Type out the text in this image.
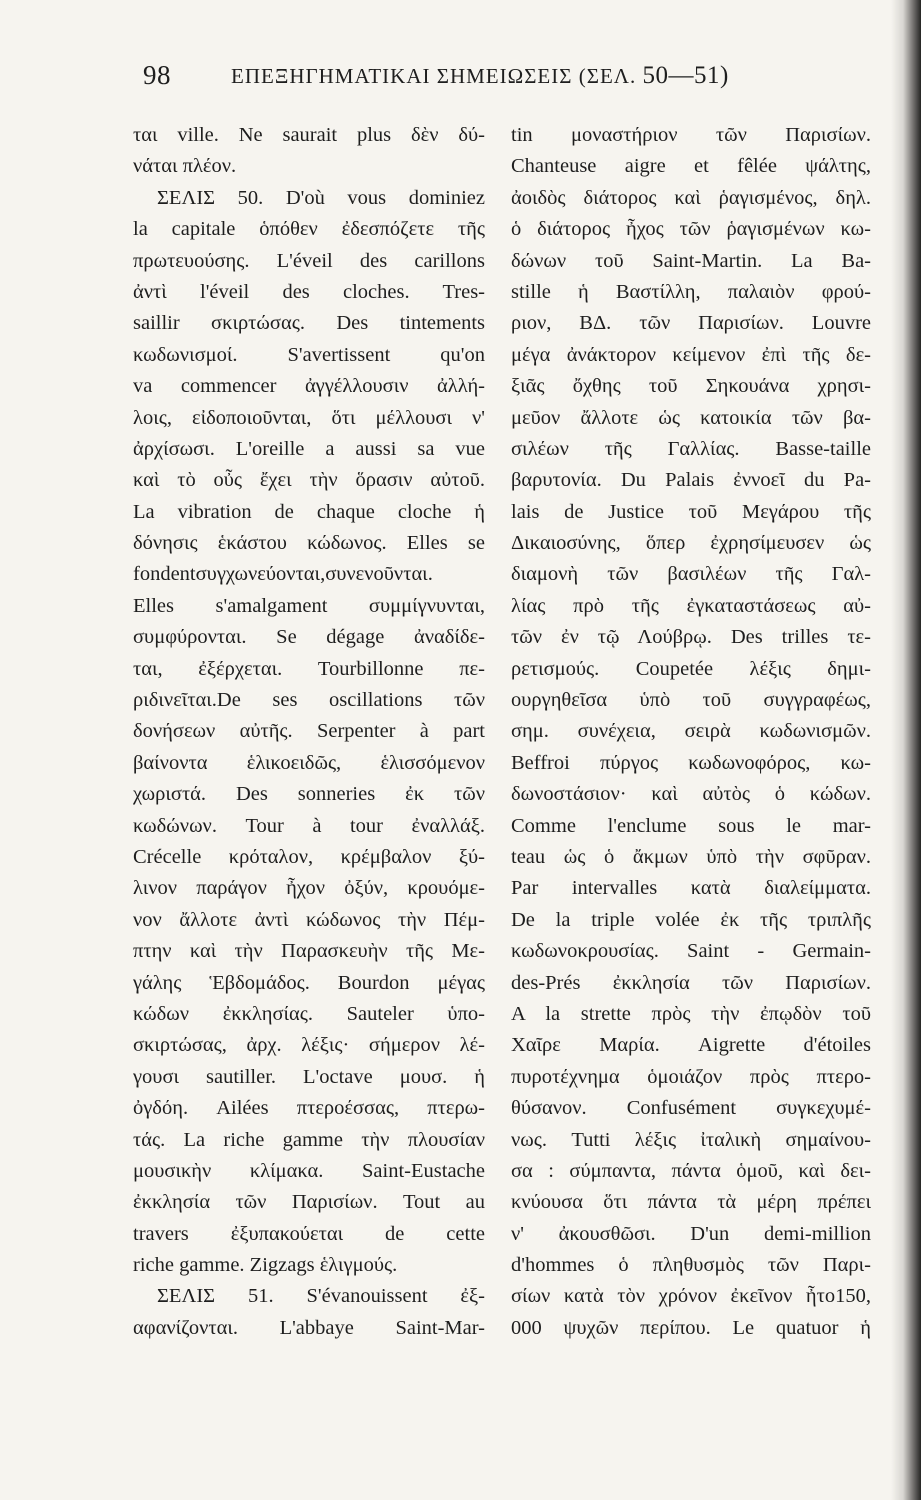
98	ΕΠΕΞΗΓΗΜΑΤΙΚΑΙ ΣΗΜΕΙΩΣΕΙΣ (ΣΕΛ. 50—51)
ται ville. Ne saurait plus δὲν δύ-
νάται πλέον.
ΣΕΛΙΣ 50. D'où vous dominiez
la capitale ὁπόθεν ἐδεσπόζετε τῆς
πρωτευούσης. L'éveil des carillons
ἀντὶ l'éveil des cloches. Tres-
saillir σκιρτώσας. Des tintements
κωδωνισμοί. S'avertissent qu'on
va commencer ἀγγέλλουσιν ἀλλή-
λοις, εἰδοποιοῦνται, ὅτι μέλλουσι ν'
ἀρχίσωσι. L'oreille a aussi sa vue
καὶ τὸ οὖς ἔχει τὴν ὅρασιν αὐτοῦ.
La vibration de chaque cloche ἡ
δόνησις ἑκάστου κώδωνος. Elles se
fondentσυγχωνεύονται,συνενοῦνται.
Elles s'amalgament συμμίγνυνται,
συμφύρονται. Se dégage ἀναδίδε-
ται, ἐξέρχεται. Tourbillonne πε-
ριδινεῖται.De ses oscillations τῶν
δονήσεων αὐτῆς. Serpenter à part
βαίνοντα ἑλικοειδῶς, ἑλισσόμενον
χωριστά. Des sonneries ἐκ τῶν
κωδώνων. Tour à tour ἐναλλάξ.
Crécelle κρόταλον, κρέμβαλον ξύ-
λινον παράγον ἦχον ὀξύν, κρουόμε-
νον ἄλλοτε ἀντὶ κώδωνος τὴν Πέμ-
πτην καὶ τὴν Παρασκευὴν τῆς Με-
γάλης Ἑβδομάδος. Bourdon μέγας
κώδων ἐκκλησίας. Sauteler ὑπο-
σκιρτώσας, ἀρχ. λέξις· σήμερον λέ-
γουσι sautiller. L'octave μουσ. ἡ
ὀγδόη. Ailées πτεροέσσας, πτερω-
τάς. La riche gamme τὴν πλουσίαν
μουσικὴν κλίμακα. Saint-Eustache
ἐκκλησία τῶν Παρισίων. Tout au
travers ἐξυπακούεται de cette
riche gamme. Zigzags ἑλιγμούς.
ΣΕΛΙΣ 51. S'évanouissent ἐξ-
αφανίζονται. L'abbaye Saint-Mar-
tin μοναστήριον τῶν Παρισίων.
Chanteuse aigre et fêlée ψάλτης,
ἀοιδὸς διάτορος καὶ ῥαγισμένος, δηλ.
ὁ διάτορος ἦχος τῶν ῥαγισμένων κω-
δώνων τοῦ Saint-Martin. La Ba-
stille ἡ Βαστίλλη, παλαιὸν φρού-
ριον, ΒΔ. τῶν Παρισίων. Louvre
μέγα ἀνάκτορον κείμενον ἐπὶ τῆς δε-
ξιᾶς ὄχθης τοῦ Σηκουάνα χρησι-
μεῦον ἄλλοτε ὡς κατοικία τῶν βα-
σιλέων τῆς Γαλλίας. Basse-taille
βαρυτονία. Du Palais ἐννοεῖ du Pa-
lais de Justice τοῦ Μεγάρου τῆς
Δικαιοσύνης, ὅπερ ἐχρησίμευσεν ὡς
διαμονὴ τῶν βασιλέων τῆς Γαλ-
λίας πρὸ τῆς ἐγκαταστάσεως αὐ-
τῶν ἐν τῷ Λούβρῳ. Des trilles τε-
ρετισμούς. Coupetée λέξις δημι-
ουργηθεῖσα ὑπὸ τοῦ συγγραφέως,
σημ. συνέχεια, σειρὰ κωδωνισμῶν.
Beffroi πύργος κωδωνοφόρος, κω-
δωνοστάσιον· καὶ αὐτὸς ὁ κώδων.
Comme l'enclume sous le mar-
teau ὡς ὁ ἄκμων ὑπὸ τὴν σφῦραν.
Par intervalles κατὰ διαλείμματα.
De la triple volée ἐκ τῆς τριπλῆς
κωδωνοκρουσίας. Saint - Germain-
des-Prés ἐκκλησία τῶν Παρισίων.
A la strette πρὸς τὴν ἐπῳδὸν τοῦ
Χαῖρε Μαρία. Aigrette d'étoiles
πυροτέχνημα ὁμοιάζον πρὸς πτερο-
θύσανον. Confusément συγκεχυμέ-
νως. Tutti λέξις ἰταλικὴ σημαίνου-
σα : σύμπαντα, πάντα ὁμοῦ, καὶ δει-
κνύουσα ὅτι πάντα τὰ μέρη πρέπει
ν' ἀκουσθῶσι. D'un demi-million
d'hommes ὁ πληθυσμὸς τῶν Παρι-
σίων κατὰ τὸν χρόνον ἐκεῖνον ἦτο150,
000 ψυχῶν περίπου. Le quatuor ἡ
